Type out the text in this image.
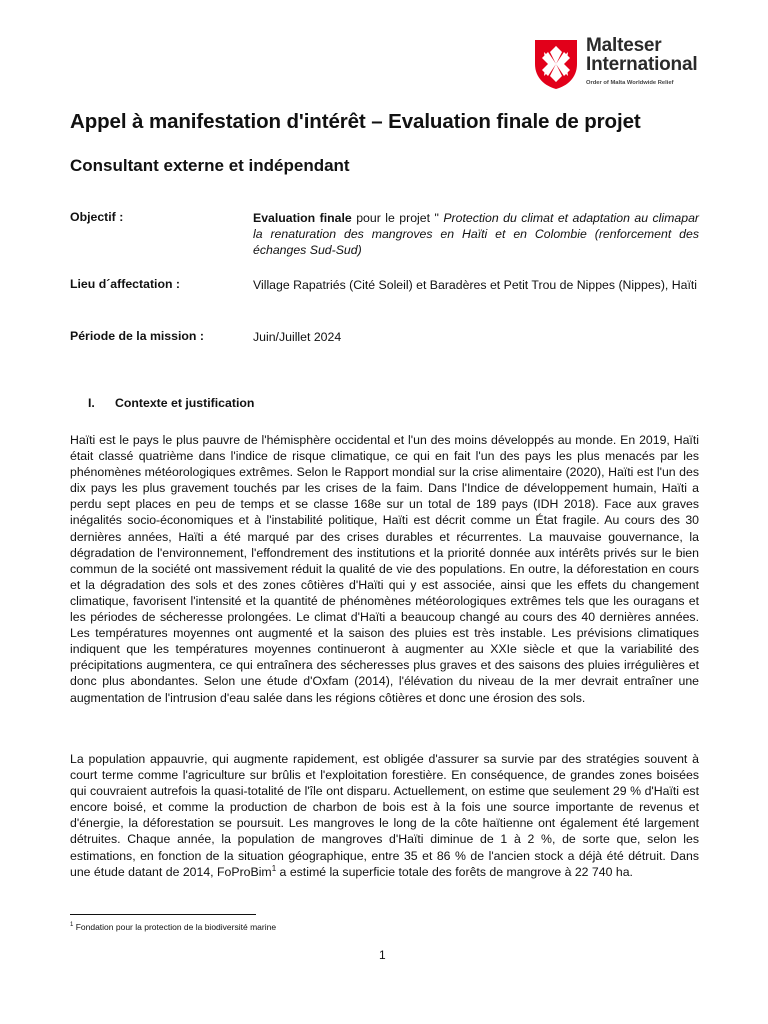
Malteser
International
Order of Malta Worldwide Relief
Appel à manifestation d'intérêt – Evaluation finale de projet
Consultant externe et indépendant
Objectif :	Evaluation finale pour le projet " Protection du climat et adaptation au climapar la renaturation des mangroves en Haïti et en Colombie (renforcement des échanges Sud-Sud)
Lieu d´affectation :	Village Rapatriés (Cité Soleil) et Baradères et Petit Trou de Nippes (Nippes), Haïti
Période de la mission :	Juin/Juillet 2024
I. Contexte et justification
Haïti est le pays le plus pauvre de l'hémisphère occidental et l'un des moins développés au monde. En 2019, Haïti était classé quatrième dans l'indice de risque climatique, ce qui en fait l'un des pays les plus menacés par les phénomènes météorologiques extrêmes. Selon le Rapport mondial sur la crise alimentaire (2020), Haïti est l'un des dix pays les plus gravement touchés par les crises de la faim. Dans l'Indice de développement humain, Haïti a perdu sept places en peu de temps et se classe 168e sur un total de 189 pays (IDH 2018). Face aux graves inégalités socio-économiques et à l'instabilité politique, Haïti est décrit comme un État fragile. Au cours des 30 dernières années, Haïti a été marqué par des crises durables et récurrentes. La mauvaise gouvernance, la dégradation de l'environnement, l'effondrement des institutions et la priorité donnée aux intérêts privés sur le bien commun de la société ont massivement réduit la qualité de vie des populations. En outre, la déforestation en cours et la dégradation des sols et des zones côtières d'Haïti qui y est associée, ainsi que les effets du changement climatique, favorisent l'intensité et la quantité de phénomènes météorologiques extrêmes tels que les ouragans et les périodes de sécheresse prolongées. Le climat d'Haïti a beaucoup changé au cours des 40 dernières années. Les températures moyennes ont augmenté et la saison des pluies est très instable. Les prévisions climatiques indiquent que les températures moyennes continueront à augmenter au XXIe siècle et que la variabilité des précipitations augmentera, ce qui entraînera des sécheresses plus graves et des saisons des pluies irrégulières et donc plus abondantes. Selon une étude d'Oxfam (2014), l'élévation du niveau de la mer devrait entraîner une augmentation de l'intrusion d'eau salée dans les régions côtières et donc une érosion des sols.
La population appauvrie, qui augmente rapidement, est obligée d'assurer sa survie par des stratégies souvent à court terme comme l'agriculture sur brûlis et l'exploitation forestière. En conséquence, de grandes zones boisées qui couvraient autrefois la quasi-totalité de l'île ont disparu. Actuellement, on estime que seulement 29 % d'Haïti est encore boisé, et comme la production de charbon de bois est à la fois une source importante de revenus et d'énergie, la déforestation se poursuit. Les mangroves le long de la côte haïtienne ont également été largement détruites. Chaque année, la population de mangroves d'Haïti diminue de 1 à 2 %, de sorte que, selon les estimations, en fonction de la situation géographique, entre 35 et 86 % de l'ancien stock a déjà été détruit. Dans une étude datant de 2014, FoProBim$^1$ a estimé la superficie totale des forêts de mangrove à 22 740 ha.
$^1$ Fondation pour la protection de la biodiversité marine
1
